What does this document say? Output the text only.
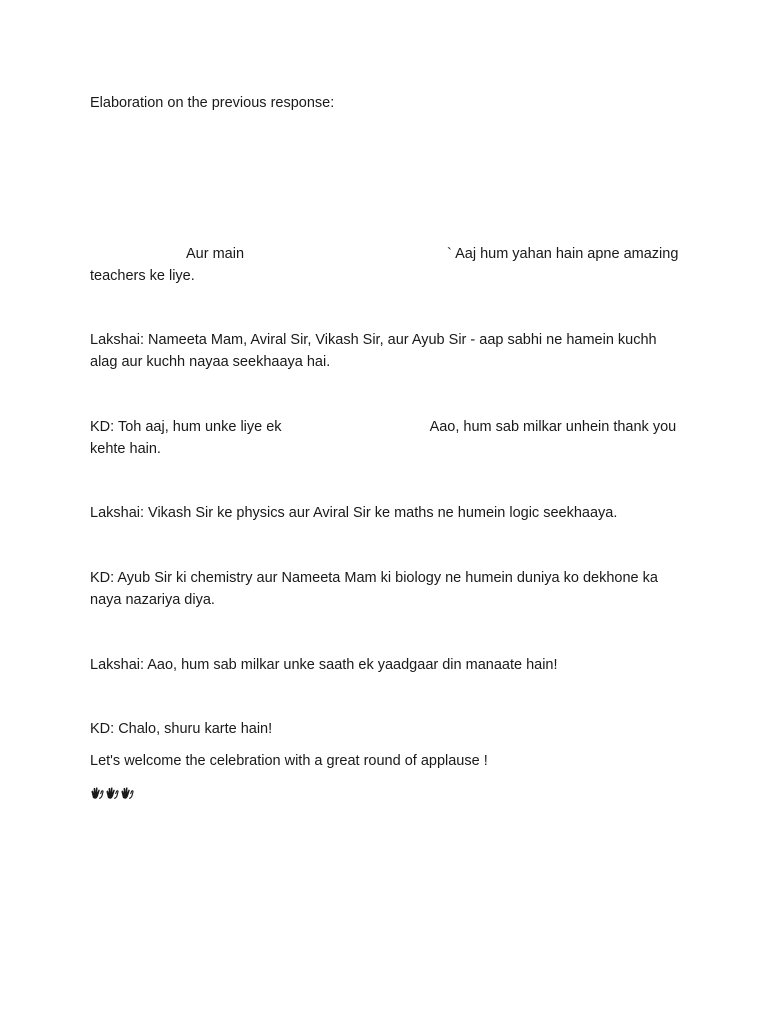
Elaboration on the previous response:

Aur main	` Aaj hum yahan hain apne amazing teachers ke liye.

Lakshai: Nameeta Mam, Aviral Sir, Vikash Sir, aur Ayub Sir - aap sabhi ne hamein kuchh alag aur kuchh nayaa seekhaaya hai.

KD: Toh aaj, hum unke liye ek	Aao, hum sab milkar unhein thank you kehte hain.

Lakshai: Vikash Sir ke physics aur Aviral Sir ke maths ne humein logic seekhaaya.

KD: Ayub Sir ki chemistry aur Nameeta Mam ki biology ne humein duniya ko dekhone ka naya nazariya diya.

Lakshai: Aao, hum sab milkar unke saath ek yaadgaar din manaate hain!

KD: Chalo, shuru karte hain!

Let's welcome the celebration with a great round of applause !
